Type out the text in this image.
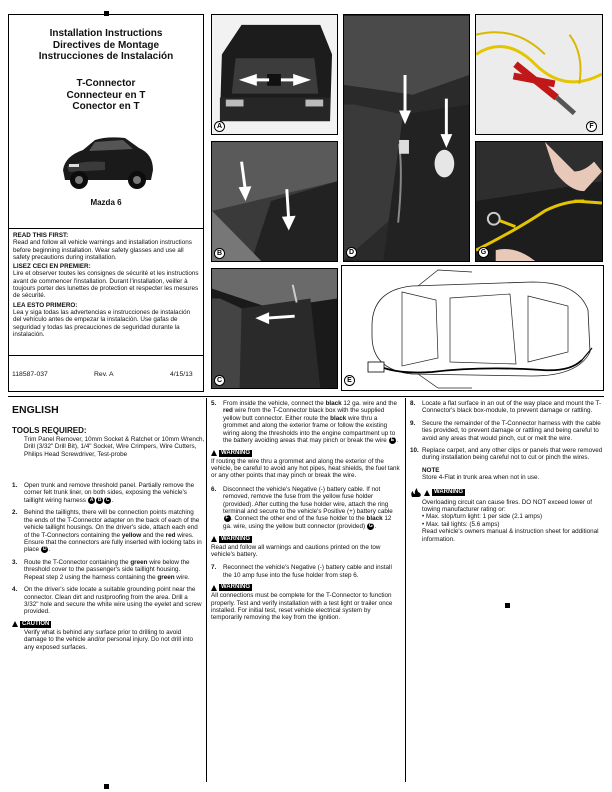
Installation Instructions
Directives de Montage
Instrucciones de Instalación
T-Connector
Connecteur en T
Conector en T
Mazda 6
READ THIS FIRST:

Read and follow all vehicle warnings and installation instructions before beginning installation. Wear safety glasses and use all safety precautions during installation.

LISEZ CECI EN PREMIER:

Lire et observer toutes les consignes de sécurité et les instructions avant de commencer l'installation. Durant l'installation, veiller à toujours porter des lunettes de protection et respecter les mesures de sécurité.

LEA ESTO PRIMERO:

Lea y siga todas las advertencias e instrucciones de instalación del vehículo antes de empezar la instalación. Use gafas de seguridad y todas las precauciones de seguridad durante la instalación.

118587-037	Rev. A	4/15/13
A
B
C
D
F
G
E
ENGLISH
TOOLS REQUIRED:
Trim Panel Remover, 10mm Socket & Ratchet or 10mm Wrench, Drill (3/32" Drill Bit), 1/4" Socket, Wire Crimpers, Wire Cutters, Philips Head Screwdriver, Test-probe
1. Open trunk and remove threshold panel. Partially remove the corner felt trunk liner, on both sides, exposing the vehicle's taillight wiring harness A B C .
2. Behind the taillights, there will be connection points matching the ends of the T-Connector adapter on the back of each of the vehicle taillight housings. On the driver's side, attach each end of the T-Connectors containing the yellow and the red wires. Ensure that the connectors are fully inserted with locking tabs in place D .
3. Route the T-Connector containing the green wire below the threshold cover to the passenger's side taillight housing. Repeat step 2 using the harness containing the green wire.
4. On the driver's side locate a suitable grounding point near the connector. Clean dirt and rustproofing from the area. Drill a 3/32" hole and secure the white wire using the eyelet and screw provided.
CAUTION
Verify what is behind any surface prior to drilling to avoid damage to the vehicle and/or personal injury. Do not drill into any exposed surfaces.
5. From inside the vehicle, connect the black 12 ga. wire and the red wire from the T-Connector black box with the supplied yellow butt connector. Either route the black wire thru a grommet and along the exterior frame or follow the existing wiring along the thresholds into the engine compartment up to the battery avoiding areas that may pinch or break the wire E .
WARNING
If routing the wire thru a grommet and along the exterior of the vehicle, be careful to avoid any hot pipes, heat shields, the fuel tank or any other points that may pinch or break the wire.
6. Disconnect the vehicle's Negative (-) battery cable. If not removed, remove the fuse from the yellow fuse holder (provided). After cutting the fuse holder wire, attach the ring terminal and secure to the vehicle's Positive (+) battery cable F . Connect the other end of the fuse holder to the black 12 ga. wire, using the yellow butt connector (provided) G .
WARNING
Read and follow all warnings and cautions printed on the tow vehicle's battery.
7. Reconnect the vehicle's Negative (-) battery cable and install the 10 amp fuse into the fuse holder from step 6.
WARNING
All connections must be complete for the T-Connector to function properly. Test and verify installation with a test light or trailer once installed. For initial test, reset vehicle electrical system by temporarily removing the key from the ignition.
8. Locate a flat surface in an out of the way place and mount the T-Connector's black box-module, to prevent damage or rattling.
9. Secure the remainder of the T-Connector harness with the cable ties provided, to prevent damage or rattling and being careful to avoid any areas that would pinch, cut or melt the wire.
10. Replace carpet, and any other clips or panels that were removed during installation being careful not to cut or pinch the wires.
NOTE
Store 4-Flat in trunk area when not in use.
WARNING
Overloading circuit can cause fires. DO NOT exceed lower of towing manufacturer rating or:
• Max. stop/turn light: 1 per side (2.1 amps)
• Max. tail lights: (5.6 amps)
Read vehicle's owners manual & instruction sheet for additional information.
